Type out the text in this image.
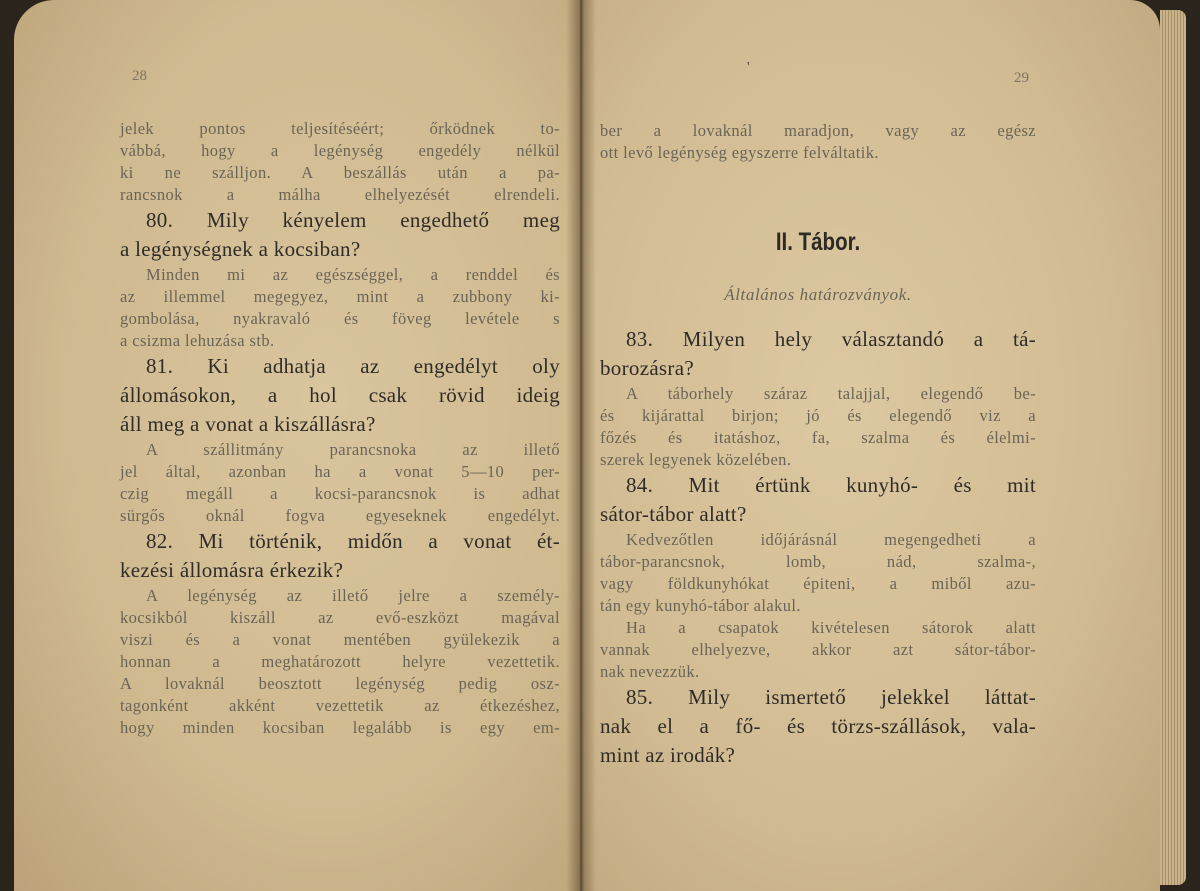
28	29
'
jelek pontos teljesítéséért; őrködnek to-
vábbá, hogy a legénység engedély nélkül
ki ne szálljon. A beszállás után a pa-
rancsnok a málha elhelyezését elrendeli.
80. Mily kényelem engedhető meg
a legénységnek a kocsiban?
Minden mi az egészséggel, a renddel és
az illemmel megegyez, mint a zubbony ki-
gombolása, nyakravaló és föveg levétele s
a csizma lehuzása stb.
81. Ki adhatja az engedélyt oly
állomásokon, a hol csak rövid ideig
áll meg a vonat a kiszállásra?
A szállitmány parancsnoka az illető
jel által, azonban ha a vonat 5—10 per-
czig megáll a kocsi-parancsnok is adhat
sürgős oknál fogva egyeseknek engedélyt.
82. Mi történik, midőn a vonat ét-
kezési állomásra érkezik?
A legénység az illető jelre a személy-
kocsikból kiszáll az evő-eszközt magával
viszi és a vonat mentében gyülekezik a
honnan a meghatározott helyre vezettetik.
A lovaknál beosztott legénység pedig osz-
tagonként akként vezettetik az étkezéshez,
hogy minden kocsiban legalább is egy em-
ber a lovaknál maradjon, vagy az egész
ott levő legénység egyszerre felváltatik.
II. Tábor.
Általános határozványok.
83. Milyen hely választandó a tá-
borozásra?
A táborhely száraz talajjal, elegendő be-
és kijárattal birjon; jó és elegendő viz a
főzés és itatáshoz, fa, szalma és élelmi-
szerek legyenek közelében.
84. Mit értünk kunyhó- és mit
sátor-tábor alatt?
Kedvezőtlen időjárásnál megengedheti a
tábor-parancsnok, lomb, nád, szalma-,
vagy földkunyhókat épiteni, a miből azu-
tán egy kunyhó-tábor alakul.
Ha a csapatok kivételesen sátorok alatt
vannak elhelyezve, akkor azt sátor-tábor-
nak nevezzük.
85. Mily ismertető jelekkel láttat-
nak el a fő- és törzs-szállások, vala-
mint az irodák?
